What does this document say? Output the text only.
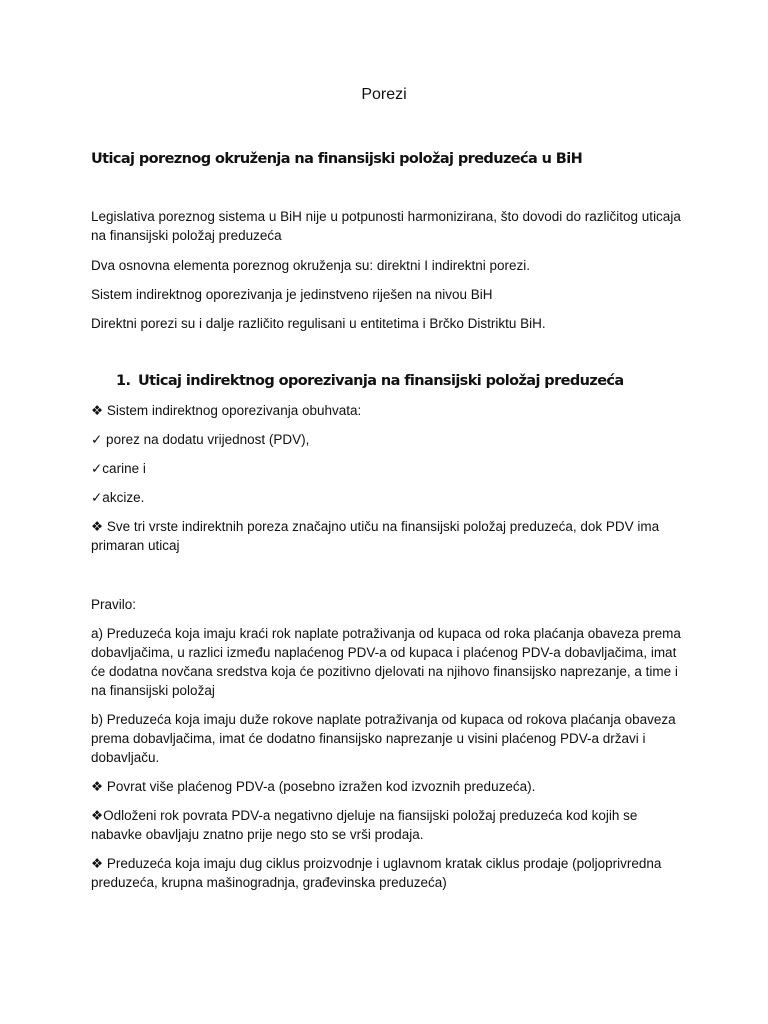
Porezi
Uticaj poreznog okruženja na finansijski položaj preduzeća u BiH
Legislativa poreznog sistema u BiH nije u potpunosti harmonizirana, što dovodi do različitog uticaja na finansijski položaj preduzeća
Dva osnovna elementa poreznog okruženja su: direktni I indirektni porezi.
Sistem indirektnog oporezivanja je jedinstveno riješen na nivou BiH
Direktni porezi su i dalje različito regulisani u entitetima i Brčko Distriktu BiH.
1. Uticaj indirektnog oporezivanja na finansijski položaj preduzeća
❖ Sistem indirektnog oporezivanja obuhvata:
✓ porez na dodatu vrijednost (PDV),
✓carine i
✓akcize.
❖ Sve tri vrste indirektnih poreza značajno utiču na finansijski položaj preduzeća, dok PDV ima primaran uticaj
Pravilo:
a) Preduzeća koja imaju kraći rok naplate potraživanja od kupaca od roka plaćanja obaveza prema dobavljačima, u razlici između naplaćenog PDV-a od kupaca i plaćenog PDV-a dobavljačima, imat će dodatna novčana sredstva koja će pozitivno djelovati na njihovo finansijsko naprezanje, a time i na finansijski položaj
b) Preduzeća koja imaju duže rokove naplate potraživanja od kupaca od rokova plaćanja obaveza prema dobavljačima, imat će dodatno finansijsko naprezanje u visini plaćenog PDV-a državi i dobavljaču.
❖ Povrat više plaćenog PDV-a (posebno izražen kod izvoznih preduzeća).
❖Odloženi rok povrata PDV-a negativno djeluje na fiansijski položaj preduzeća kod kojih se nabavke obavljaju znatno prije nego sto se vrši prodaja.
❖ Preduzeća koja imaju dug ciklus proizvodnje i uglavnom kratak ciklus prodaje (poljoprivredna preduzeća, krupna mašinogradnja, građevinska preduzeća)
